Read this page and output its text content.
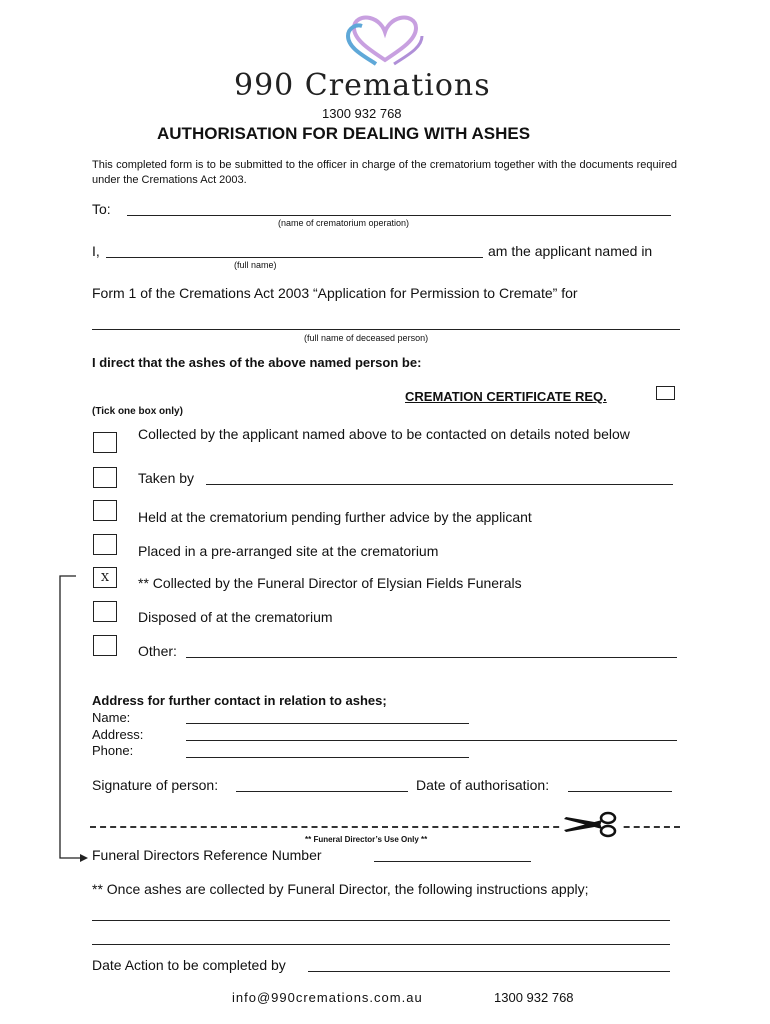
990 Cremations
1300 932 768
AUTHORISATION FOR DEALING WITH ASHES
This completed form is to be submitted to the officer in charge of the crematorium together with the documents required under the Cremations Act 2003.
To:
(name of crematorium operation)
I,	am the applicant named in
(full name)
Form 1 of the Cremations Act 2003 “Application for Permission to Cremate” for
(full name of deceased person)
I direct that the ashes of the above named person be:
CREMATION CERTIFICATE REQ.
(Tick one box only)
Collected by the applicant named above to be contacted on details noted below
Taken by
Held at the crematorium pending further advice by the applicant
Placed in a pre-arranged site at the crematorium
X	** Collected by the Funeral Director of Elysian Fields Funerals
Disposed of at the crematorium
Other:
Address for further contact in relation to ashes;
Name:
Address:
Phone:
Signature of person:	Date of authorisation:
** Funeral Director’s Use Only **
Funeral Directors Reference Number
** Once ashes are collected by Funeral Director, the following instructions apply;
Date Action to be completed by
info@990cremations.com.au	1300 932 768
